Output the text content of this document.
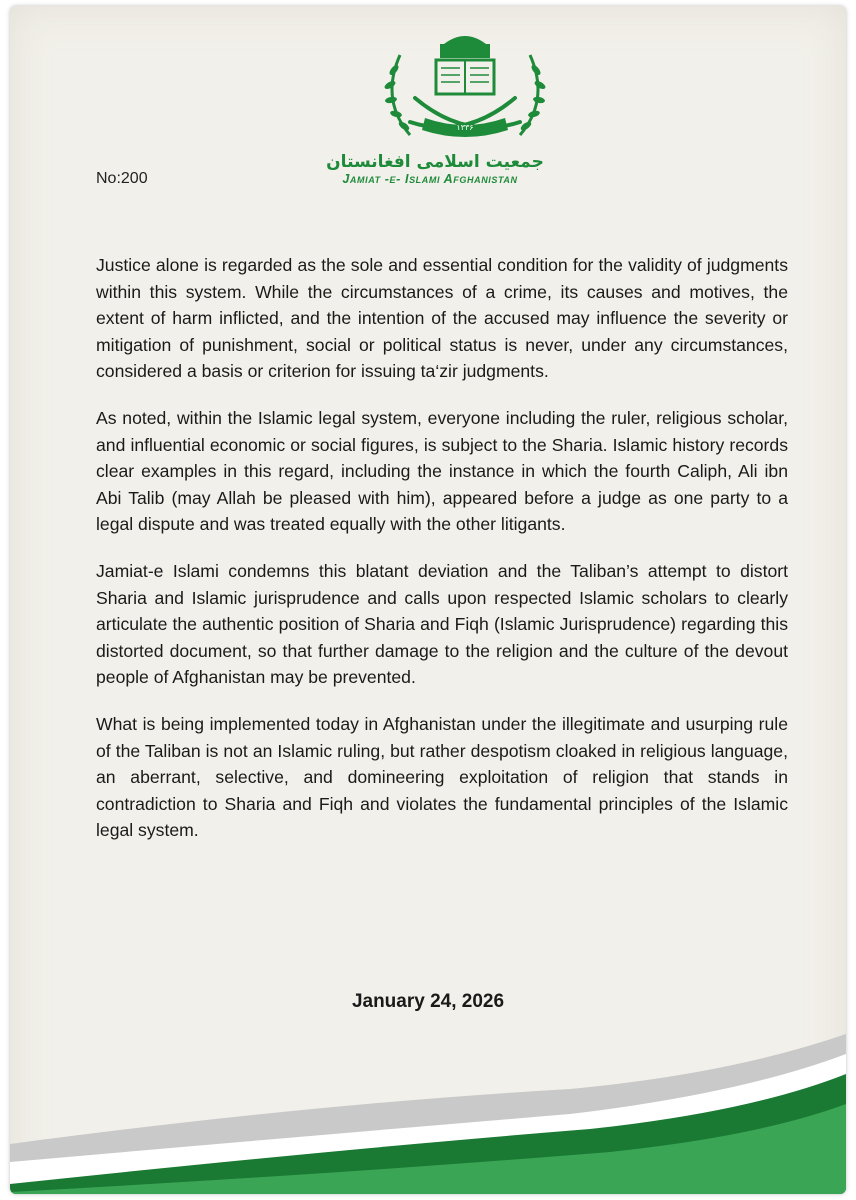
۱۳۳۶
جمعیت اسلامی افغانستان
Jamiat -e- Islami Afghanistan
No:200

Justice alone is regarded as the sole and essential condition for the validity of judgments within this system. While the circumstances of a crime, its causes and motives, the extent of harm inflicted, and the intention of the accused may influence the severity or mitigation of punishment, social or political status is never, under any circumstances, considered a basis or criterion for issuing ta‘zir judgments.

As noted, within the Islamic legal system, everyone including the ruler, religious scholar, and influential economic or social figures, is subject to the Sharia. Islamic history records clear examples in this regard, including the instance in which the fourth Caliph, Ali ibn Abi Talib (may Allah be pleased with him), appeared before a judge as one party to a legal dispute and was treated equally with the other litigants.

Jamiat-e Islami condemns this blatant deviation and the Taliban’s attempt to distort Sharia and Islamic jurisprudence and calls upon respected Islamic scholars to clearly articulate the authentic position of Sharia and Fiqh (Islamic Jurisprudence) regarding this distorted document, so that further damage to the religion and the culture of the devout people of Afghanistan may be prevented.

What is being implemented today in Afghanistan under the illegitimate and usurping rule of the Taliban is not an Islamic ruling, but rather despotism cloaked in religious language, an aberrant, selective, and domineering exploitation of religion that stands in contradiction to Sharia and Fiqh and violates the fundamental principles of the Islamic legal system.

January 24, 2026
